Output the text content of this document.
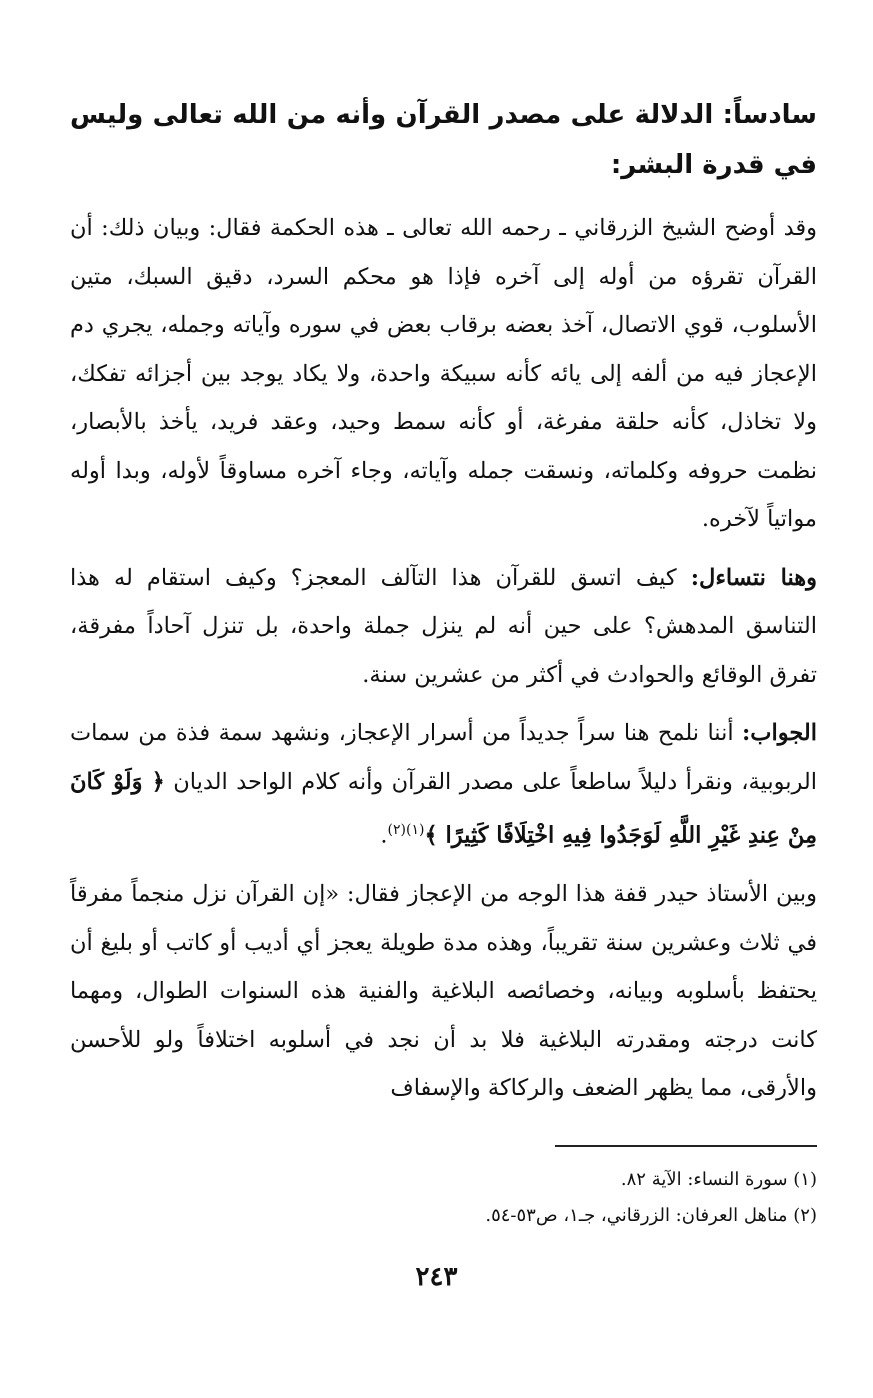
سادساً: الدلالة على مصدر القرآن وأنه من الله تعالى وليس في قدرة البشر:

وقد أوضح الشيخ الزرقاني ـ رحمه الله تعالى ـ هذه الحكمة فقال: وبيان ذلك: أن القرآن تقرؤه من أوله إلى آخره فإذا هو محكم السرد، دقيق السبك، متين الأسلوب، قوي الاتصال، آخذ بعضه برقاب بعض في سوره وآياته وجمله، يجري دم الإعجاز فيه من ألفه إلى يائه كأنه سبيكة واحدة، ولا يكاد يوجد بين أجزائه تفكك، ولا تخاذل، كأنه حلقة مفرغة، أو كأنه سمط وحيد، وعقد فريد، يأخذ بالأبصار، نظمت حروفه وكلماته، ونسقت جمله وآياته، وجاء آخره مساوقاً لأوله، وبدا أوله مواتياً لآخره.

وهنا نتساءل: كيف اتسق للقرآن هذا التآلف المعجز؟ وكيف استقام له هذا التناسق المدهش؟ على حين أنه لم ينزل جملة واحدة، بل تنزل آحاداً مفرقة، تفرق الوقائع والحوادث في أكثر من عشرين سنة.

الجواب: أننا نلمح هنا سراً جديداً من أسرار الإعجاز، ونشهد سمة فذة من سمات الربوبية، ونقرأ دليلاً ساطعاً على مصدر القرآن وأنه كلام الواحد الديان ﴿ وَلَوْ كَانَ مِنْ عِندِ غَيْرِ اللَّهِ لَوَجَدُوا فِيهِ اخْتِلَافًا كَثِيرًا ﴾$^{(١)(٢)}$.

وبين الأستاذ حيدر قفة هذا الوجه من الإعجاز فقال: «إن القرآن نزل منجماً مفرقاً في ثلاث وعشرين سنة تقريباً، وهذه مدة طويلة يعجز أي أديب أو كاتب أو بليغ أن يحتفظ بأسلوبه وبيانه، وخصائصه البلاغية والفنية هذه السنوات الطوال، ومهما كانت درجته ومقدرته البلاغية فلا بد أن نجد في أسلوبه اختلافاً ولو للأحسن والأرقى، مما يظهر الضعف والركاكة والإسفاف

(١) سورة النساء: الآية ٨٢.
(٢) مناهل العرفان: الزرقاني، جـ١، ص٥٣-٥٤.
٢٤٣
